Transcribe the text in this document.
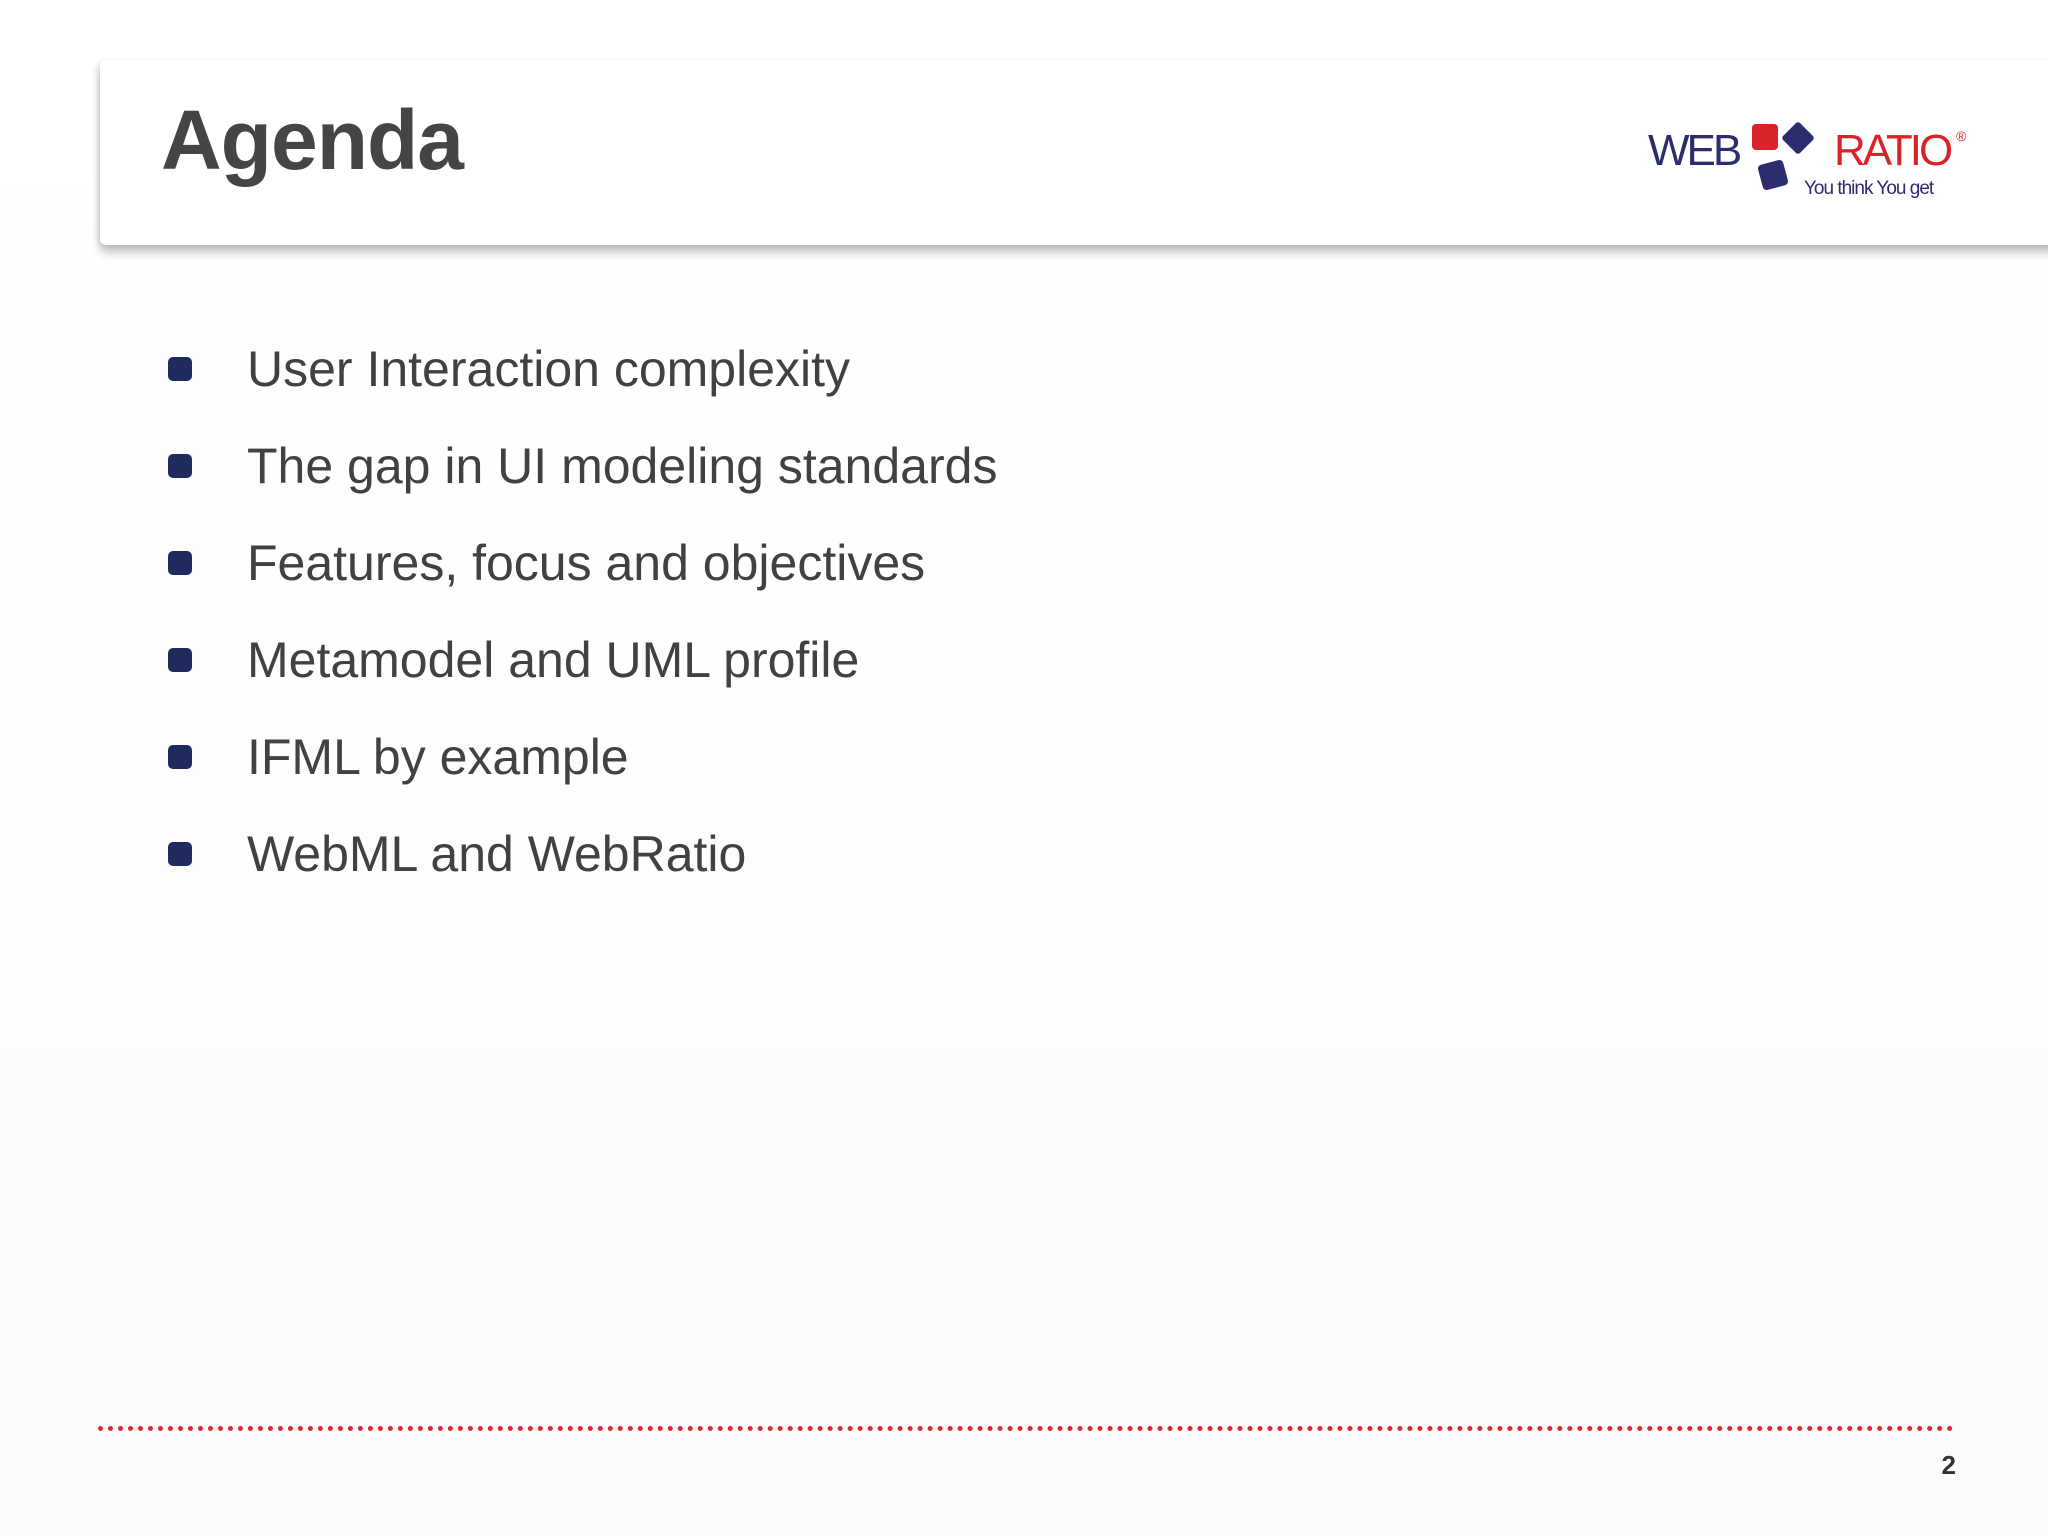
Agenda	WEB RATIO ®
You think You get
User Interaction complexity
The gap in UI modeling standards
Features, focus and objectives
Metamodel and UML profile
IFML by example
WebML and WebRatio
2
